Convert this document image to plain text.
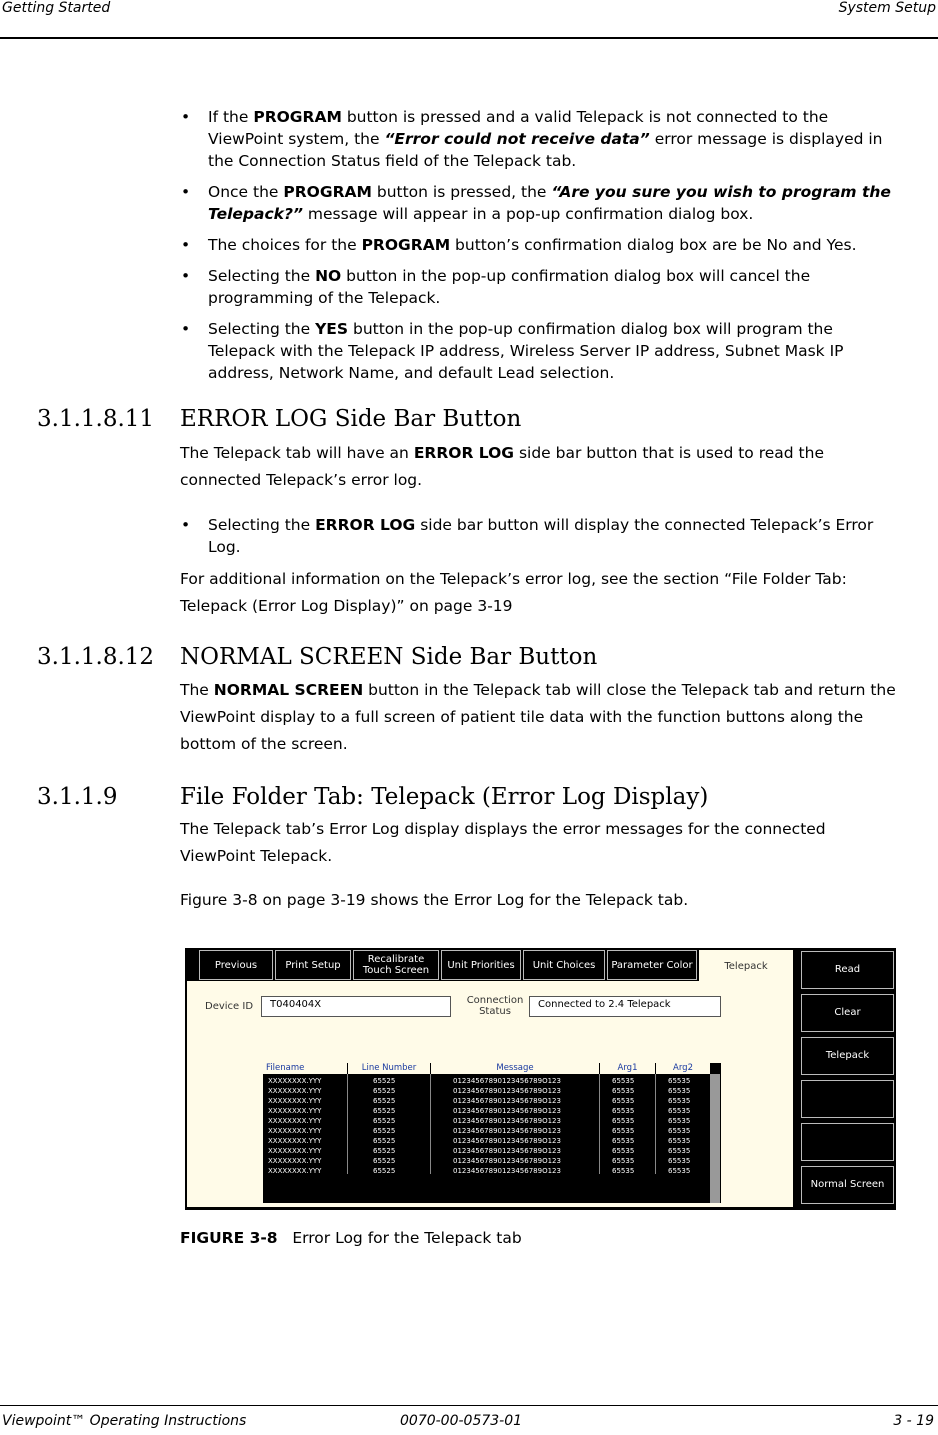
Getting Started	System Setup
• If the PROGRAM button is pressed and a valid Telepack is not connected to the ViewPoint system, the “Error could not receive data” error message is displayed in the Connection Status field of the Telepack tab.
• Once the PROGRAM button is pressed, the “Are you sure you wish to program the Telepack?” message will appear in a pop-up confirmation dialog box.
• The choices for the PROGRAM button’s confirmation dialog box are be No and Yes.
• Selecting the NO button in the pop-up confirmation dialog box will cancel the programming of the Telepack.
• Selecting the YES button in the pop-up confirmation dialog box will program the Telepack with the Telepack IP address, Wireless Server IP address, Subnet Mask IP address, Network Name, and default Lead selection.
3.1.1.8.11 ERROR LOG Side Bar Button
The Telepack tab will have an ERROR LOG side bar button that is used to read the connected Telepack’s error log.
• Selecting the ERROR LOG side bar button will display the connected Telepack’s Error Log.
For additional information on the Telepack’s error log, see the section “File Folder Tab: Telepack (Error Log Display)” on page 3-19
3.1.1.8.12 NORMAL SCREEN Side Bar Button
The NORMAL SCREEN button in the Telepack tab will close the Telepack tab and return the ViewPoint display to a full screen of patient tile data with the function buttons along the bottom of the screen.
3.1.1.9	File Folder Tab: Telepack (Error Log Display)
The Telepack tab’s Error Log display displays the error messages for the connected ViewPoint Telepack.
Figure 3-8 on page 3-19 shows the Error Log for the Telepack tab.
Previous	Print Setup	Recalibrate Touch Screen	Unit Priorities	Unit Choices	Parameter Color	Telepack
Device ID	T040404X	Connection Status
Connected to 2.4 Telepack
Filename	Line Number	Message	Arg1	Arg2
XXXXXXXX.YYY	65525	01234567890123456789O123	65535	65535
XXXXXXXX.YYY	65525	01234567890123456789O123	65535	65535
XXXXXXXX.YYY	65525	01234567890123456789O123	65535	65535
XXXXXXXX.YYY	65525	01234567890123456789O123	65535	65535
XXXXXXXX.YYY	65525	01234567890123456789O123	65535	65535
XXXXXXXX.YYY	65525	01234567890123456789O123	65535	65535
XXXXXXXX.YYY	65525	01234567890123456789O123	65535	65535
XXXXXXXX.YYY	65525	01234567890123456789O123	65535	65535
XXXXXXXX.YYY	65525	01234567890123456789O123	65535	65535
XXXXXXXX.YYY	65525	01234567890123456789O123	65535	65535
Read
Clear
Telepack
Normal Screen
FIGURE 3-8 Error Log for the Telepack tab
Viewpoint™ Operating Instructions	0070-00-0573-01	3 - 19
